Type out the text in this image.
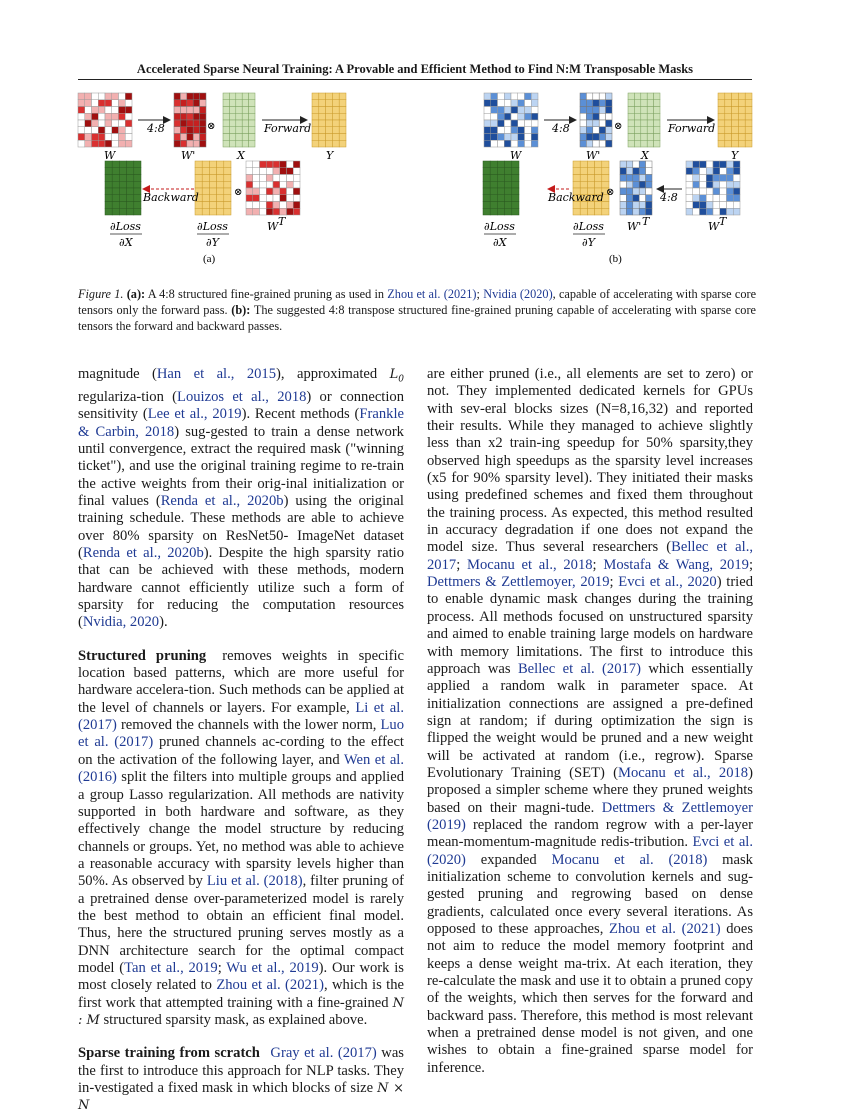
Accelerated Sparse Neural Training: A Provable and Efficient Method to Find N:M Transposable Masks
4:8	⊗	Forward
W	W'	X	Y
Backward	⊗
∂Loss
∂X
∂Loss
∂Y
W T
(a)
4:8	⊗	Forward
W	W'	X	Y
Backward ⊗	4:8
∂Loss
∂X
∂Loss
∂Y
W' T	W T
(b)
Figure 1. (a): A 4:8 structured fine-grained pruning as used in Zhou et al. (2021); Nvidia (2020), capable of accelerating with sparse core tensors only the forward pass. (b): The suggested 4:8 transpose structured fine-grained pruning capable of accelerating with sparse core tensors the forward and backward passes.

magnitude (Han et al., 2015), approximated $L_0$ regulariza-tion (Louizos et al., 2018) or connection sensitivity (Lee et al., 2019). Recent methods (Frankle & Carbin, 2018) sug-gested to train a dense network until convergence, extract the required mask ("winning ticket"), and use the original training regime to re-train the active weights from their orig-inal initialization or final values (Renda et al., 2020b) using the original training schedule. These methods are able to achieve over 80% sparsity on ResNet50- ImageNet dataset (Renda et al., 2020b). Despite the high sparsity ratio that can be achieved with these methods, modern hardware cannot efficiently utilize such a form of sparsity for reducing the computation resources (Nvidia, 2020).

Structured pruning removes weights in specific location based patterns, which are more useful for hardware accelera-tion. Such methods can be applied at the level of channels or layers. For example, Li et al. (2017) removed the channels with the lower norm, Luo et al. (2017) pruned channels ac-cording to the effect on the activation of the following layer, and Wen et al. (2016) split the filters into multiple groups and applied a group Lasso regularization. All methods are nativity supported in both hardware and software, as they effectively change the model structure by reducing channels or groups. Yet, no method was able to achieve a reasonable accuracy with sparsity levels higher than 50%. As observed by Liu et al. (2018), filter pruning of a pretrained dense over-parameterized model is rarely the best method to obtain an efficient final model. Thus, here the structured pruning serves mostly as a DNN architecture search for the optimal compact model (Tan et al., 2019; Wu et al., 2019). Our work is most closely related to Zhou et al. (2021), which is the first work that attempted training with a fine-grained N : M structured sparsity mask, as explained above.

Sparse training from scratch Gray et al. (2017) was the first to introduce this approach for NLP tasks. They in-vestigated a fixed mask in which blocks of size N × N

are either pruned (i.e., all elements are set to zero) or not. They implemented dedicated kernels for GPUs with sev-eral blocks sizes (N=8,16,32) and reported their results. While they managed to achieve slightly less than x2 train-ing speedup for 50% sparsity,they observed high speedups as the sparsity level increases (x5 for 90% sparsity level). They initiated their masks using predefined schemes and fixed them throughout the training process. As expected, this method resulted in accuracy degradation if one does not expand the model size. Thus several researchers (Bellec et al., 2017; Mocanu et al., 2018; Mostafa & Wang, 2019; Dettmers & Zettlemoyer, 2019; Evci et al., 2020) tried to enable dynamic mask changes during the training process. All methods focused on unstructured sparsity and aimed to enable training large models on hardware with memory limitations. The first to introduce this approach was Bellec et al. (2017) which essentially applied a random walk in parameter space. At initialization connections are assigned a pre-defined sign at random; if during optimization the sign is flipped the weight would be pruned and a new weight will be activated at random (i.e., regrow). Sparse Evolutionary Training (SET) (Mocanu et al., 2018) proposed a simpler scheme where they pruned weights based on their magni-tude. Dettmers & Zettlemoyer (2019) replaced the random regrow with a per-layer mean-momentum-magnitude redis-tribution. Evci et al. (2020) expanded Mocanu et al. (2018) mask initialization scheme to convolution kernels and sug-gested pruning and regrowing based on dense gradients, calculated once every several iterations. As opposed to these approaches, Zhou et al. (2021) does not aim to reduce the model memory footprint and keeps a dense weight ma-trix. At each iteration, they re-calculate the mask and use it to obtain a pruned copy of the weights, which then serves for the forward and backward pass. Therefore, this method is most relevant when a pretrained dense model is not given, and one wishes to obtain a fine-grained sparse model for inference.
